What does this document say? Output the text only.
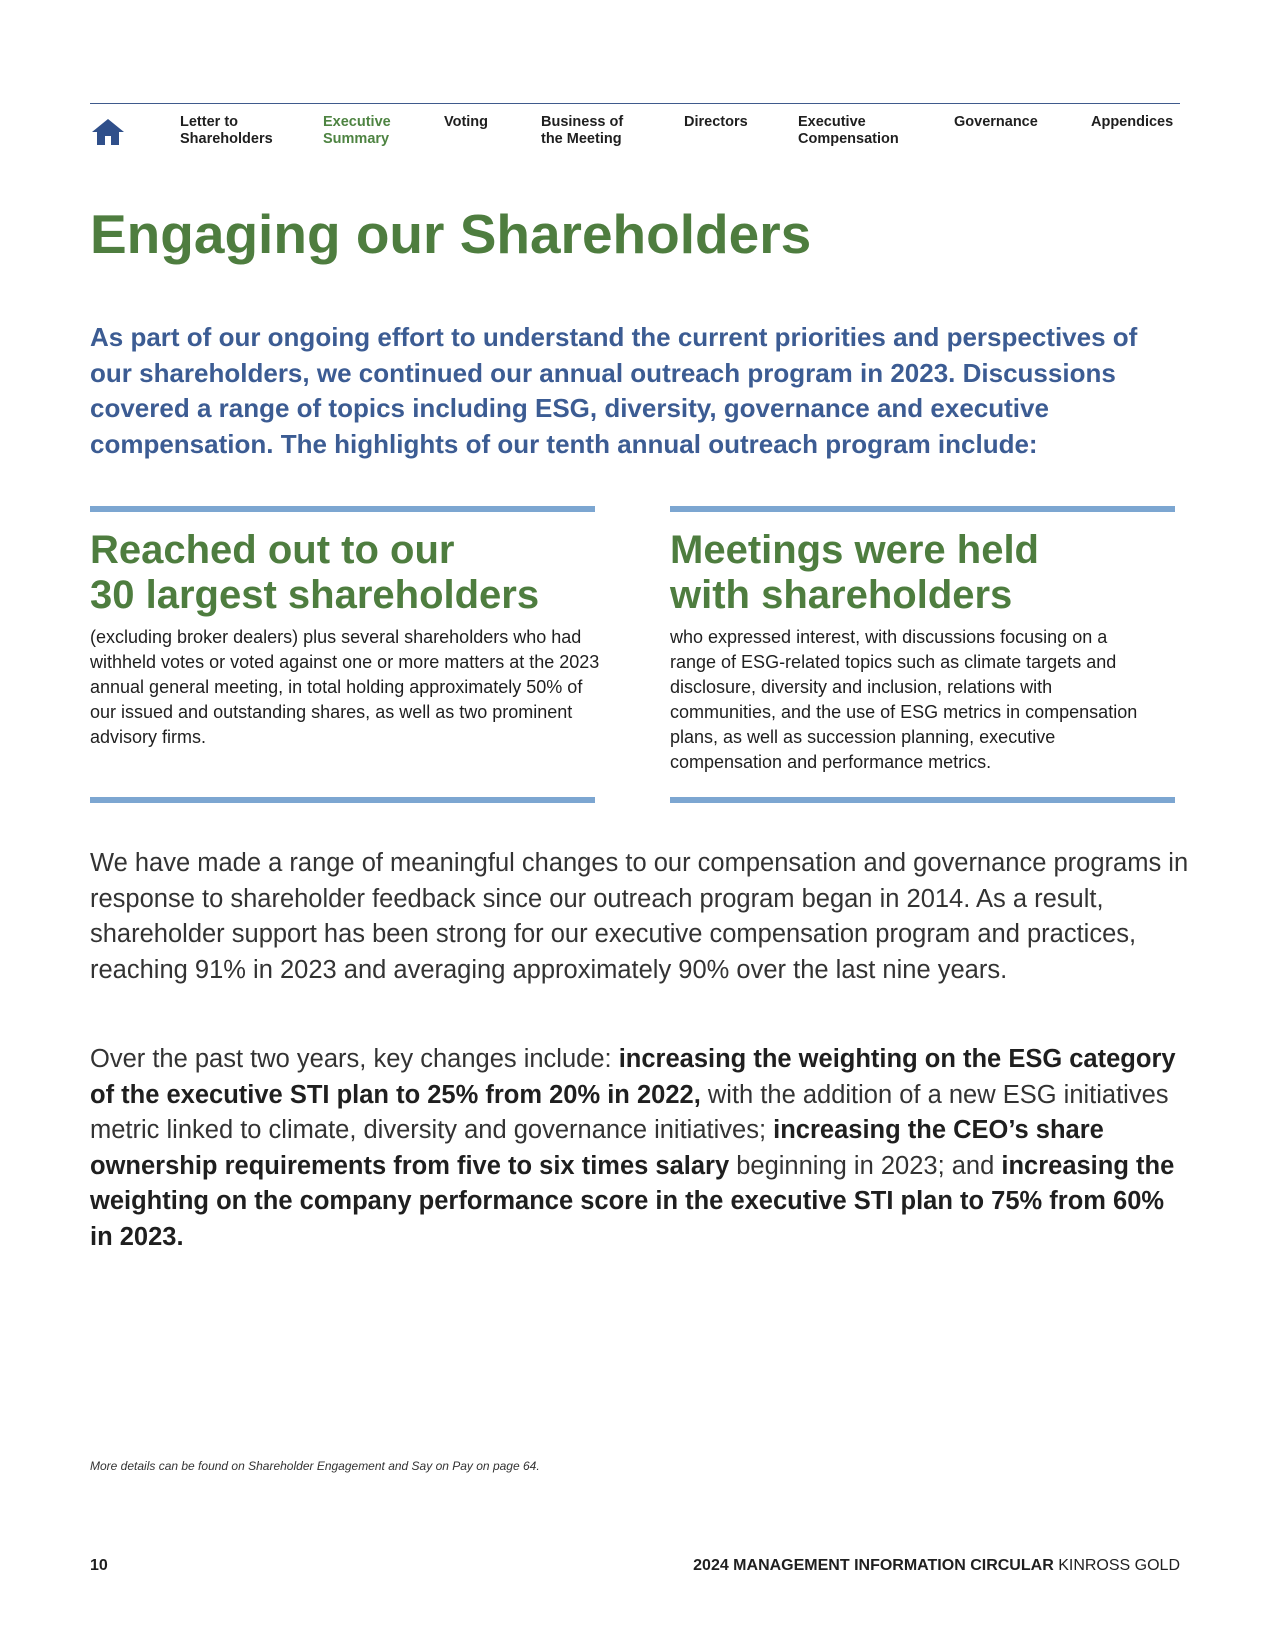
Letter to
Shareholders
Executive
Summary
Voting	Business of
the Meeting
Directors	Executive
Compensation
Governance	Appendices
Engaging our Shareholders

As part of our ongoing effort to understand the current priorities and perspectives of our shareholders, we continued our annual outreach program in 2023. Discussions covered a range of topics including ESG, diversity, governance and executive compensation. The highlights of our tenth annual outreach program include:

Reached out to our
30 largest shareholders

(excluding broker dealers) plus several shareholders who had withheld votes or voted against one or more matters at the 2023 annual general meeting, in total holding approximately 50% of our issued and outstanding shares, as well as two prominent advisory firms.

Meetings were held
with shareholders

who expressed interest, with discussions focusing on a range of ESG-related topics such as climate targets and disclosure, diversity and inclusion, relations with communities, and the use of ESG metrics in compensation plans, as well as succession planning, executive compensation and performance metrics.

We have made a range of meaningful changes to our compensation and governance programs in response to shareholder feedback since our outreach program began in 2014. As a result, shareholder support has been strong for our executive compensation program and practices, reaching 91% in 2023 and averaging approximately 90% over the last nine years.

Over the past two years, key changes include: increasing the weighting on the ESG category of the executive STI plan to 25% from 20% in 2022, with the addition of a new ESG initiatives metric linked to climate, diversity and governance initiatives; increasing the CEO’s share ownership requirements from five to six times salary beginning in 2023; and increasing the weighting on the company performance score in the executive STI plan to 75% from 60% in 2023.

More details can be found on Shareholder Engagement and Say on Pay on page 64.

10	2024 MANAGEMENT INFORMATION CIRCULAR KINROSS GOLD
